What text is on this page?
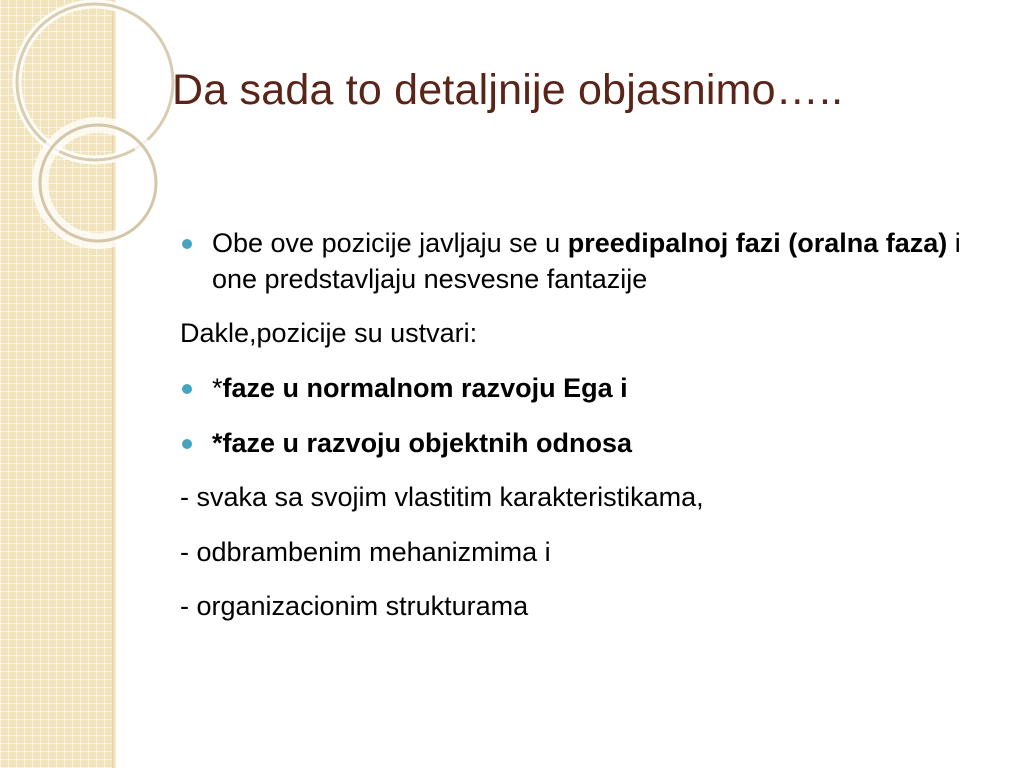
Da sada to detaljnije objasnimo…..
Obe ove pozicije javljaju se u preedipalnoj fazi (oralna faza) i one predstavljaju nesvesne fantazije
Dakle,pozicije su ustvari:
*faze u normalnom razvoju Ega i
*faze u razvoju objektnih odnosa
- svaka sa svojim vlastitim karakteristikama,
- odbrambenim mehanizmima i
- organizacionim strukturama
